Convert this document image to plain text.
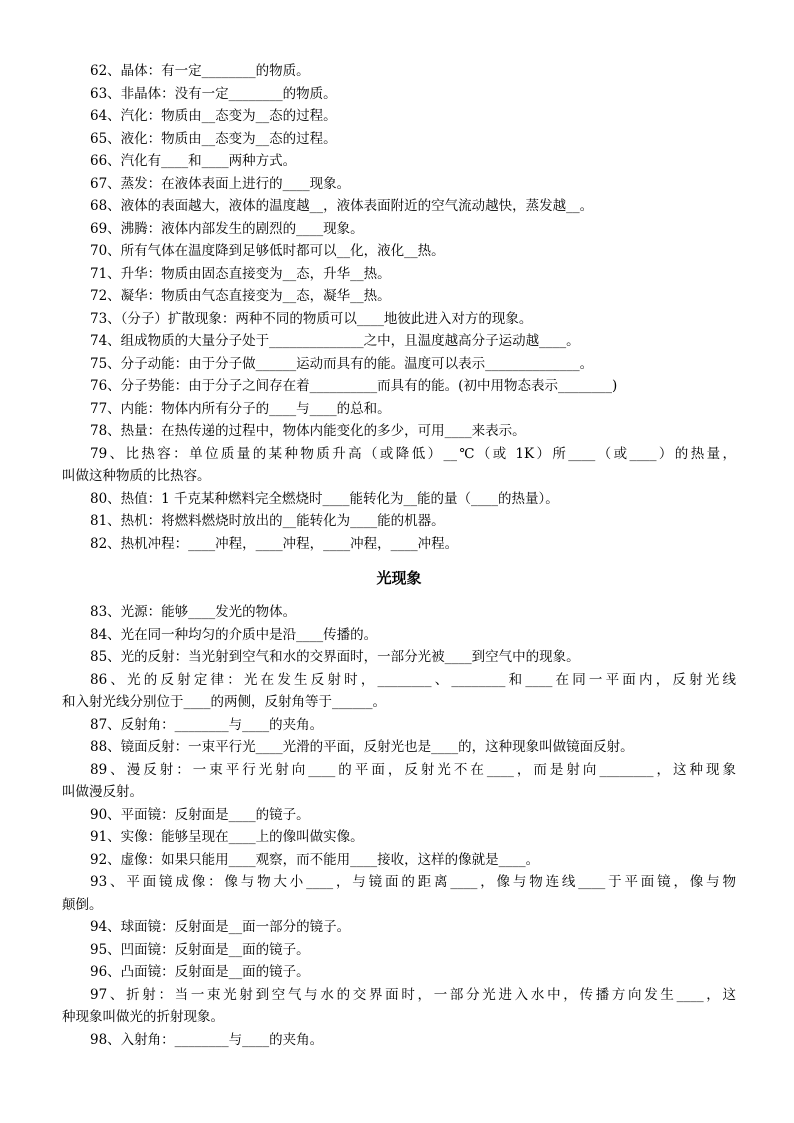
62、晶体：有一定________的物质。
63、非晶体：没有一定________的物质。
64、汽化：物质由__态变为__态的过程。
65、液化：物质由__态变为__态的过程。
66、汽化有____和____两种方式。
67、蒸发：在液体表面上进行的____现象。
68、液体的表面越大，液体的温度越__，液体表面附近的空气流动越快，蒸发越__。
69、沸腾：液体内部发生的剧烈的____现象。
70、所有气体在温度降到足够低时都可以__化，液化__热。
71、升华：物质由固态直接变为__态，升华__热。
72、凝华：物质由气态直接变为__态，凝华__热。
73、（分子）扩散现象：两种不同的物质可以____地彼此进入对方的现象。
74、组成物质的大量分子处于______________之中，且温度越高分子运动越____。
75、分子动能：由于分子做______运动而具有的能。温度可以表示______________。
76、分子势能：由于分子之间存在着__________而具有的能。(初中用物态表示________)
77、内能：物体内所有分子的____与____的总和。
78、热量：在热传递的过程中，物体内能变化的多少，可用____来表示。
79、比热容：单位质量的某种物质升高（或降低）__℃（或 1K）所____（或____）的热量，
叫做这种物质的比热容。
80、热值：1 千克某种燃料完全燃烧时____能转化为__能的量（____的热量）。
81、热机：将燃料燃烧时放出的__能转化为____能的机器。
82、热机冲程：____冲程，____冲程，____冲程，____冲程。
光现象
83、光源：能够____发光的物体。
84、光在同一种均匀的介质中是沿____传播的。
85、光的反射：当光射到空气和水的交界面时，一部分光被____到空气中的现象。
86、光的反射定律：光在发生反射时，________、________和____在同一平面内，反射光线
和入射光线分别位于____的两侧，反射角等于______。
87、反射角：________与____的夹角。
88、镜面反射：一束平行光____光滑的平面，反射光也是____的，这种现象叫做镜面反射。
89、漫反射：一束平行光射向____的平面，反射光不在____，而是射向________，这种现象
叫做漫反射。
90、平面镜：反射面是____的镜子。
91、实像：能够呈现在____上的像叫做实像。
92、虚像：如果只能用____观察，而不能用____接收，这样的像就是____。
93、平面镜成像：像与物大小____，与镜面的距离____，像与物连线____于平面镜，像与物
颠倒。
94、球面镜：反射面是__面一部分的镜子。
95、凹面镜：反射面是__面的镜子。
96、凸面镜：反射面是__面的镜子。
97、折射：当一束光射到空气与水的交界面时，一部分光进入水中，传播方向发生____，这
种现象叫做光的折射现象。
98、入射角：________与____的夹角。
